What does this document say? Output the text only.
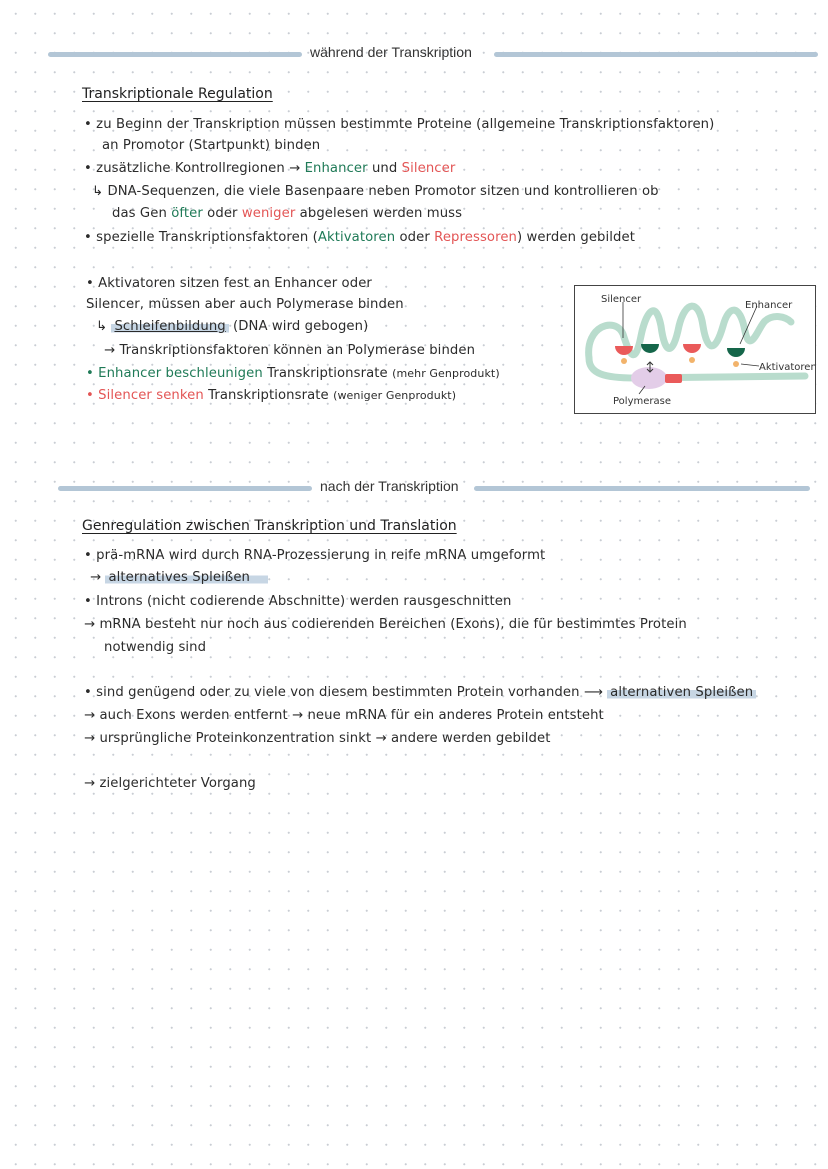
während der Transkription
Transkriptionale Regulation
• zu Beginn der Transkription müssen bestimmte Proteine (allgemeine Transkriptionsfaktoren)
an Promotor (Startpunkt) binden
• zusätzliche Kontrollregionen → Enhancer und Silencer
↳ DNA-Sequenzen, die viele Basenpaare neben Promotor sitzen und kontrollieren ob
das Gen öfter oder weniger abgelesen werden muss
• spezielle Transkriptionsfaktoren (Aktivatoren oder Repressoren) werden gebildet
• Aktivatoren sitzen fest an Enhancer oder
Silencer, müssen aber auch Polymerase binden
↳ Schleifenbildung (DNA wird gebogen)
→ Transkriptionsfaktoren können an Polymerase binden
• Enhancer beschleunigen Transkriptionsrate (mehr Genprodukt)
• Silencer senken Transkriptionsrate (weniger Genprodukt)
Silencer
Enhancer
Aktivatoren
Polymerase
nach der Transkription
Genregulation zwischen Transkription und Translation
• prä-mRNA wird durch RNA-Prozessierung in reife mRNA umgeformt
→ alternatives Spleißen
• Introns (nicht codierende Abschnitte) werden rausgeschnitten
→ mRNA besteht nur noch aus codierenden Bereichen (Exons), die für bestimmtes Protein
notwendig sind
• sind genügend oder zu viele von diesem bestimmten Protein vorhanden ⟶ alternativen Spleißen
→ auch Exons werden entfernt → neue mRNA für ein anderes Protein entsteht
→ ursprüngliche Proteinkonzentration sinkt → andere werden gebildet
→ zielgerichteter Vorgang
